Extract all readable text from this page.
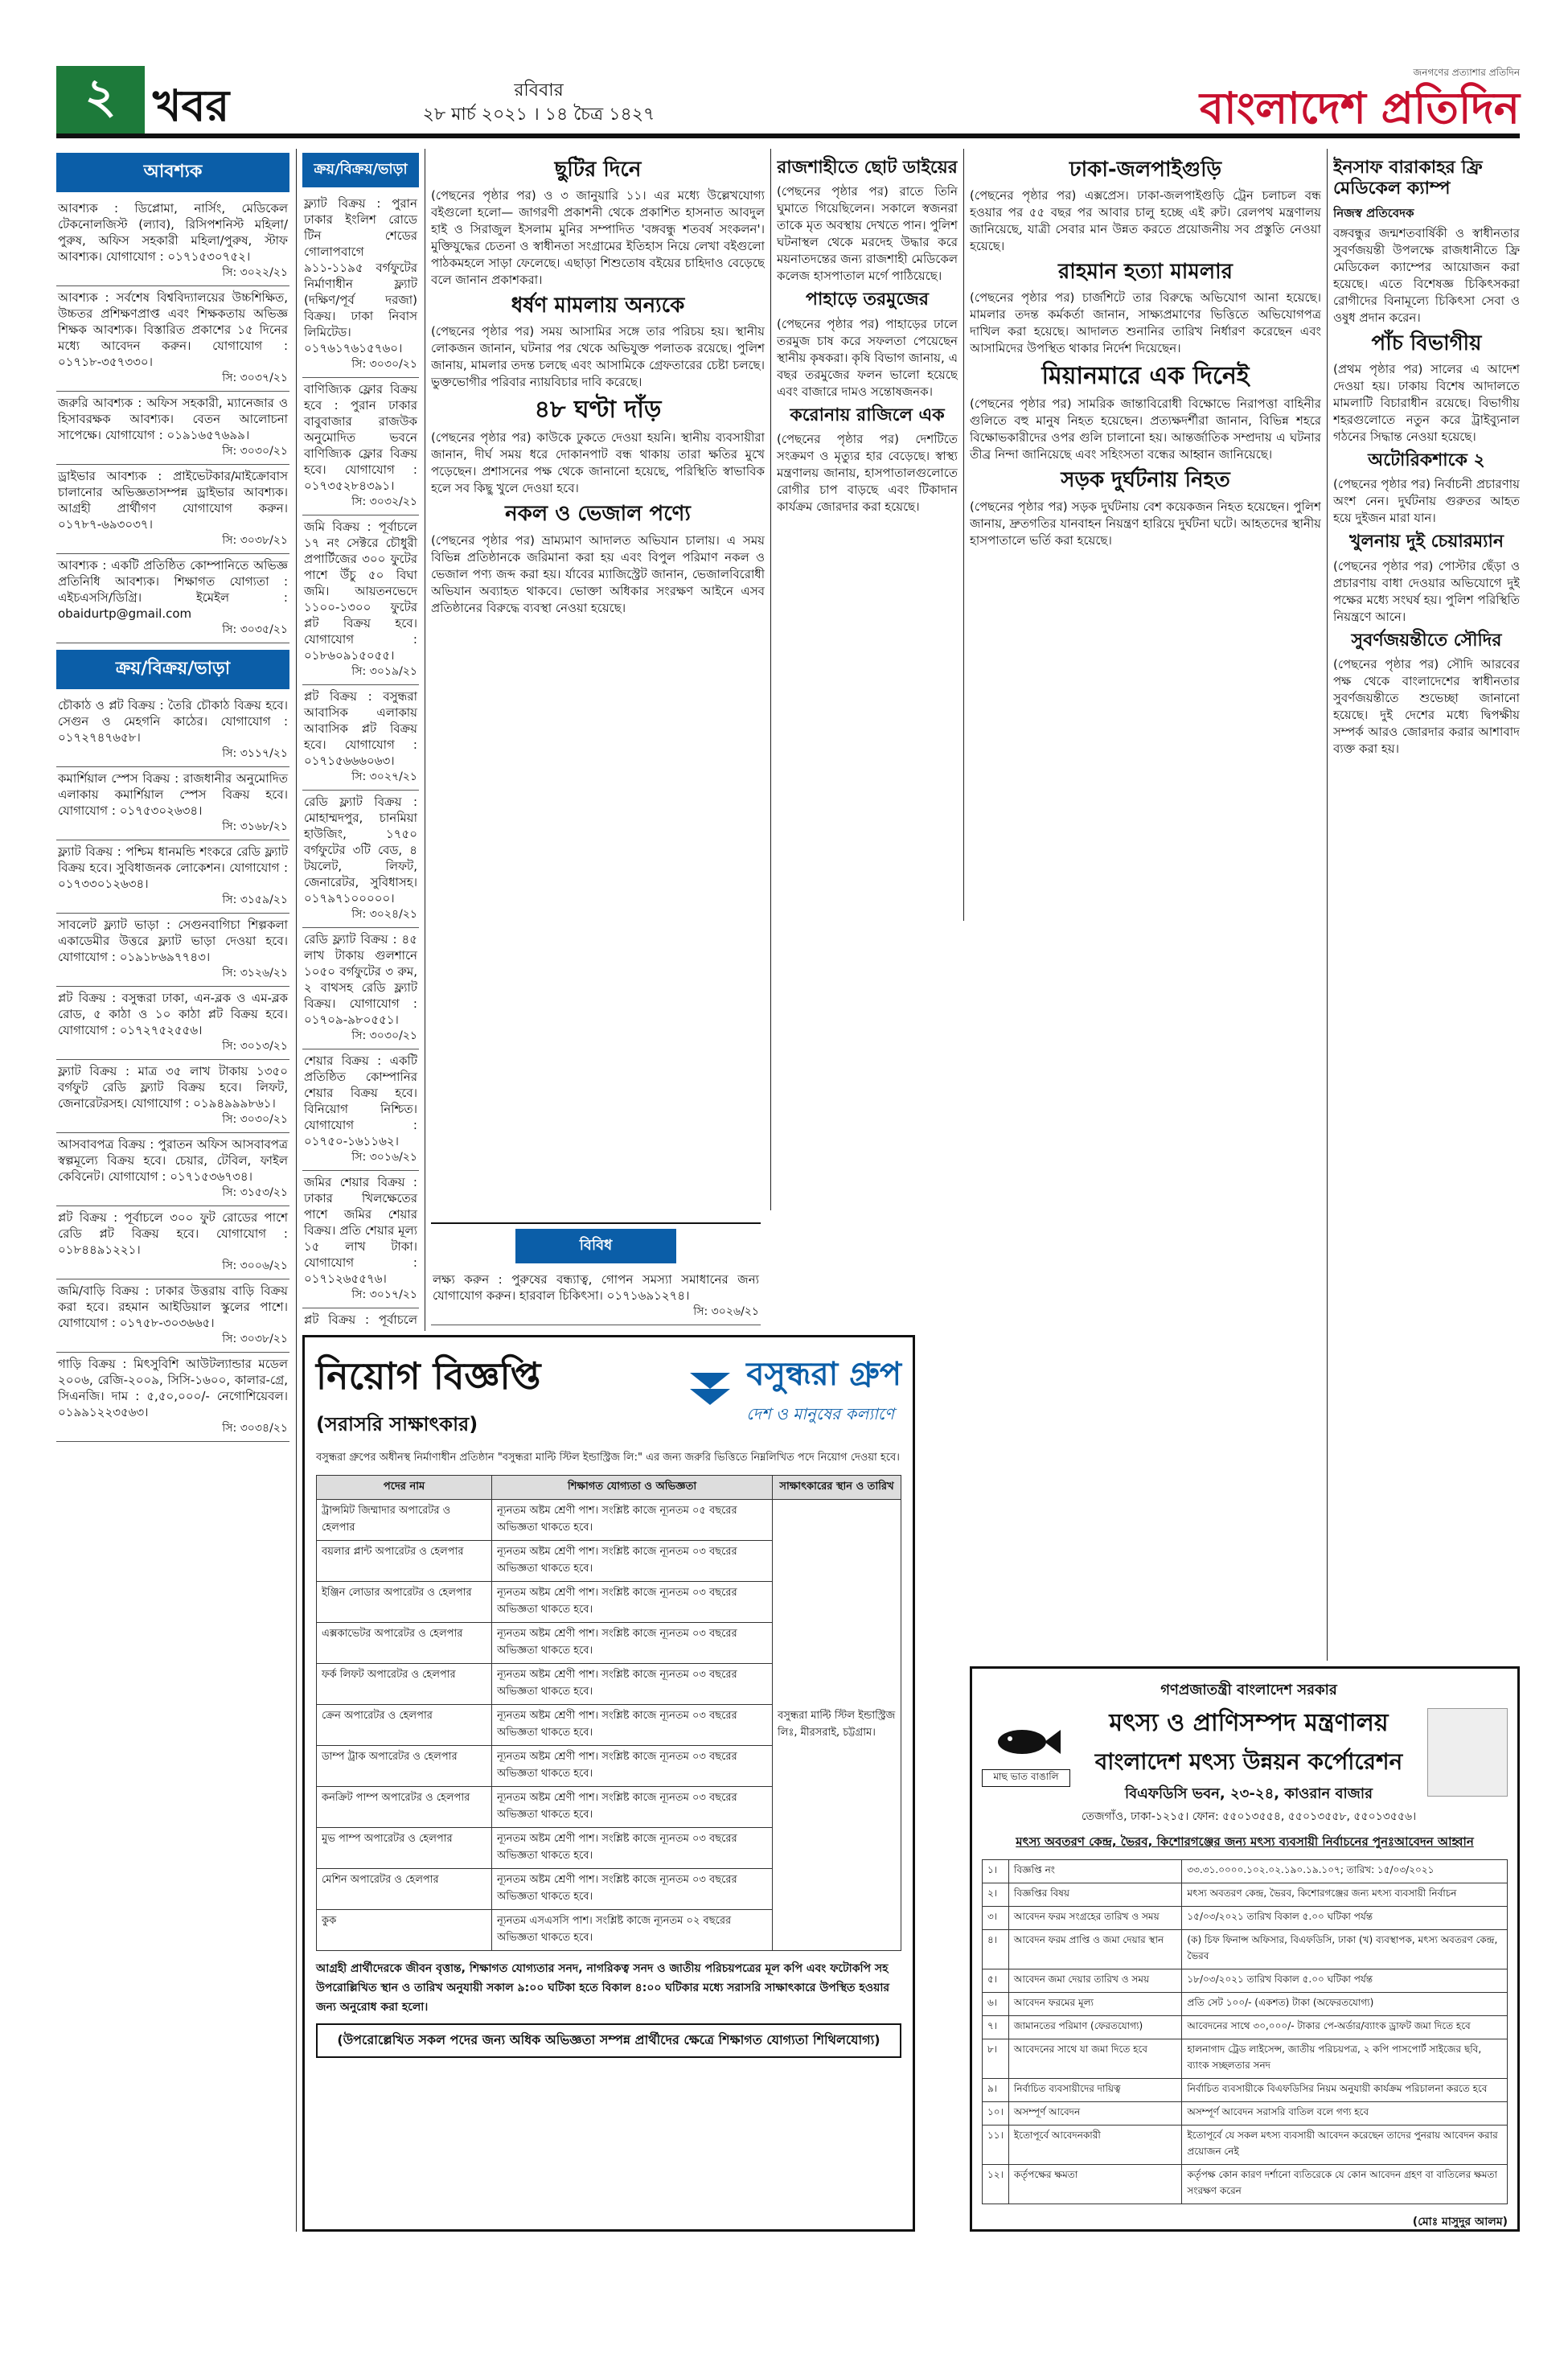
২ খবর	রবিবার
২৮ মার্চ ২০২১ । ১৪ চৈত্র ১৪২৭
জনগণের প্রত্যাশার প্রতিদিন
বাংলাদেশ প্রতিদিন
আবশ্যক
আবশ্যক : ডিপ্লোমা, নার্সিং, মেডিকেল টেকনোলজিস্ট (ল্যাব), রিসিপশনিস্ট মহিলা/পুরুষ, অফিস সহকারী মহিলা/পুরুষ, স্টাফ আবশ্যক। যোগাযোগ : ০১৭১৫৩০৭৫২।
সি: ৩০২২/২১
আবশ্যক : সর্বশেষ বিশ্ববিদ্যালয়ের উচ্চশিক্ষিত, উচ্চতর প্রশিক্ষণপ্রাপ্ত এবং শিক্ষকতায় অভিজ্ঞ শিক্ষক আবশ্যক। বিস্তারিত প্রকাশের ১৫ দিনের মধ্যে আবেদন করুন। যোগাযোগ : ০১৭১৮-৩৫৭৩৩০।
সি: ৩০৩৭/২১
জরুরি আবশ্যক : অফিস সহকারী, ম্যানেজার ও হিসাবরক্ষক আবশ্যক। বেতন আলোচনা সাপেক্ষে। যোগাযোগ : ০১৯১৬৫৭৬৯৯।
সি: ৩০৩০/২১
ড্রাইভার আবশ্যক : প্রাইভেটকার/মাইক্রোবাস চালানোর অভিজ্ঞতাসম্পন্ন ড্রাইভার আবশ্যক। আগ্রহী প্রার্থীগণ যোগাযোগ করুন। ০১৭৮৭-৬৯৩০৩৭।
সি: ৩০৩৮/২১
আবশ্যক : একটি প্রতিষ্ঠিত কোম্পানিতে অভিজ্ঞ প্রতিনিধি আবশ্যক। শিক্ষাগত যোগ্যতা : এইচএসসি/ডিগ্রি। ইমেইল : obaidurtp@gmail.com
সি: ৩০৩৫/২১
ক্রয়/বিক্রয়/ভাড়া
চৌকাঠ ও প্লট বিক্রয় : তৈরি চৌকাঠ বিক্রয় হবে। সেগুন ও মেহগনি কাঠের। যোগাযোগ : ০১৭২৭৪৭৬৫৮।
সি: ৩১১৭/২১
কমার্শিয়াল স্পেস বিক্রয় : রাজধানীর অনুমোদিত এলাকায় কমার্শিয়াল স্পেস বিক্রয় হবে। যোগাযোগ : ০১৭৫৩০২৬৩৪।
সি: ৩১৬৮/২১
ফ্ল্যাট বিক্রয় : পশ্চিম ধানমন্ডি শংকরে রেডি ফ্ল্যাট বিক্রয় হবে। সুবিধাজনক লোকেশন। যোগাযোগ : ০১৭৩৩০১২৬৩৪।
সি: ৩১৫৯/২১
সাবলেট ফ্ল্যাট ভাড়া : সেগুনবাগিচা শিল্পকলা একাডেমীর উত্তরে ফ্ল্যাট ভাড়া দেওয়া হবে। যোগাযোগ : ০১৯১৮৬৯৭৭৪৩।
সি: ৩১২৬/২১
প্লট বিক্রয় : বসুন্ধরা ঢাকা, এন-ব্লক ও এম-ব্লক রোড, ৫ কাঠা ও ১০ কাঠা প্লট বিক্রয় হবে। যোগাযোগ : ০১৭২৭৫২৫৫৬।
সি: ৩০১৩/২১
ফ্ল্যাট বিক্রয় : মাত্র ৩৫ লাখ টাকায় ১৩৫০ বর্গফুট রেডি ফ্ল্যাট বিক্রয় হবে। লিফট, জেনারেটরসহ। যোগাযোগ : ০১৯৪৯৯৯৮৬১।
সি: ৩০৩০/২১
আসবাবপত্র বিক্রয় : পুরাতন অফিস আসবাবপত্র স্বল্পমূল্যে বিক্রয় হবে। চেয়ার, টেবিল, ফাইল কেবিনেট। যোগাযোগ : ০১৭১৫৩৬৭৩৪।
সি: ৩১৫৩/২১
প্লট বিক্রয় : পূর্বাচলে ৩০০ ফুট রোডের পাশে রেডি প্লট বিক্রয় হবে। যোগাযোগ : ০১৮৪৪৯১২২১।
সি: ৩০০৬/২১
জমি/বাড়ি বিক্রয় : ঢাকার উত্তরায় বাড়ি বিক্রয় করা হবে। রহমান আইডিয়াল স্কুলের পাশে। যোগাযোগ : ০১৭৫৮-৩০৩৬৬৫।
সি: ৩০৩৮/২১
গাড়ি বিক্রয় : মিৎসুবিশি আউটল্যান্ডার মডেল ২০০৬, রেজি-২০০৯, সিসি-১৬০০, কালার-গ্রে, সিএনজি। দাম : ৫,৫০,০০০/- নেগোশিয়েবল। ০১৯৯১২২৩৫৬৩।
সি: ৩০৩৪/২১
ক্রয়/বিক্রয়/ভাড়া
ফ্ল্যাট বিক্রয় : পুরান ঢাকার ইংলিশ রোডে টিন শেডের গোলাপবাগে ৯১১-১১৯৫ বর্গফুটের নির্মাণাধীন ফ্ল্যাট (দক্ষিণ/পূর্ব দরজা) বিক্রয়। ঢাকা নিবাস লিমিটেড। ০১৭৬১৭৬১৫৭৬০।
সি: ৩০৩০/২১
বাণিজ্যিক ফ্লোর বিক্রয় হবে : পুরান ঢাকার বাবুবাজার রাজউক অনুমোদিত ভবনে বাণিজ্যিক ফ্লোর বিক্রয় হবে। যোগাযোগ : ০১৭৩৫২৮৪৩৯১।
সি: ৩০৩২/২১
জমি বিক্রয় : পূর্বাচলে ১৭ নং সেক্টরে চৌধুরী প্রপার্টিজের ৩০০ ফুটের পাশে উঁচু ৫০ বিঘা জমি। আয়তনভেদে ১১০০-১৩০০ ফুটের প্লট বিক্রয় হবে। যোগাযোগ : ০১৮৬০৯১৫০৫৫।
সি: ৩০১৯/২১
প্লট বিক্রয় : বসুন্ধরা আবাসিক এলাকায় আবাসিক প্লট বিক্রয় হবে। যোগাযোগ : ০১৭১৫৬৬৬০৬৩।
সি: ৩০২৭/২১
রেডি ফ্ল্যাট বিক্রয় : মোহাম্মদপুর, চানমিয়া হাউজিং, ১৭৫০ বর্গফুটের ৩টি বেড, ৪ টয়লেট, লিফট, জেনারেটর, সুবিধাসহ। ০১৭৯৭১০০০০০।
সি: ৩০২৪/২১
রেডি ফ্ল্যাট বিক্রয় : ৪৫ লাখ টাকায় গুলশানে ১০৫০ বর্গফুটের ৩ রুম, ২ বাথসহ রেডি ফ্ল্যাট বিক্রয়। যোগাযোগ : ০১৭০৯-৯৮০৫৫১।
সি: ৩০৩০/২১
শেয়ার বিক্রয় : একটি প্রতিষ্ঠিত কোম্পানির শেয়ার বিক্রয় হবে। বিনিয়োগ নিশ্চিত। যোগাযোগ : ০১৭৫০-১৬১১৬২।
সি: ৩০১৬/২১
জমির শেয়ার বিক্রয় : ঢাকার খিলক্ষেতের পাশে জমির শেয়ার বিক্রয়। প্রতি শেয়ার মূল্য ১৫ লাখ টাকা। যোগাযোগ : ০১৭১২৬৫৫৭৬।
সি: ৩০১৭/২১
প্লট বিক্রয় : পূর্বাচলে
ছুটির দিনে

(পেছনের পৃষ্ঠার পর) ও ৩ জানুয়ারি ১১। এর মধ্যে উল্লেখযোগ্য বইগুলো হলো— জাগরণী প্রকাশনী থেকে প্রকাশিত হাসনাত আবদুল হাই ও সিরাজুল ইসলাম মুনির সম্পাদিত 'বঙ্গবন্ধু শতবর্ষ সংকলন'। মুক্তিযুদ্ধের চেতনা ও স্বাধীনতা সংগ্রামের ইতিহাস নিয়ে লেখা বইগুলো পাঠকমহলে সাড়া ফেলেছে। এছাড়া শিশুতোষ বইয়ের চাহিদাও বেড়েছে বলে জানান প্রকাশকরা।

ধর্ষণ মামলায় অন্যকে

(পেছনের পৃষ্ঠার পর) সময় আসামির সঙ্গে তার পরিচয় হয়। স্থানীয় লোকজন জানান, ঘটনার পর থেকে অভিযুক্ত পলাতক রয়েছে। পুলিশ জানায়, মামলার তদন্ত চলছে এবং আসামিকে গ্রেফতারের চেষ্টা চলছে। ভুক্তভোগীর পরিবার ন্যায়বিচার দাবি করেছে।

৪৮ ঘণ্টা দাঁড়

(পেছনের পৃষ্ঠার পর) কাউকে ঢুকতে দেওয়া হয়নি। স্থানীয় ব্যবসায়ীরা জানান, দীর্ঘ সময় ধরে দোকানপাট বন্ধ থাকায় তারা ক্ষতির মুখে পড়েছেন। প্রশাসনের পক্ষ থেকে জানানো হয়েছে, পরিস্থিতি স্বাভাবিক হলে সব কিছু খুলে দেওয়া হবে।

নকল ও ভেজাল পণ্যে

(পেছনের পৃষ্ঠার পর) ভ্রাম্যমাণ আদালত অভিযান চালায়। এ সময় বিভিন্ন প্রতিষ্ঠানকে জরিমানা করা হয় এবং বিপুল পরিমাণ নকল ও ভেজাল পণ্য জব্দ করা হয়। র্যাবের ম্যাজিস্ট্রেট জানান, ভেজালবিরোধী অভিযান অব্যাহত থাকবে। ভোক্তা অধিকার সংরক্ষণ আইনে এসব প্রতিষ্ঠানের বিরুদ্ধে ব্যবস্থা নেওয়া হয়েছে।

রাজশাহীতে ছোট ডাইয়ের

(পেছনের পৃষ্ঠার পর) রাতে তিনি ঘুমাতে গিয়েছিলেন। সকালে স্বজনরা তাকে মৃত অবস্থায় দেখতে পান। পুলিশ ঘটনাস্থল থেকে মরদেহ উদ্ধার করে ময়নাতদন্তের জন্য রাজশাহী মেডিকেল কলেজ হাসপাতাল মর্গে পাঠিয়েছে।

পাহাড়ে তরমুজের

(পেছনের পৃষ্ঠার পর) পাহাড়ের ঢালে তরমুজ চাষ করে সফলতা পেয়েছেন স্থানীয় কৃষকরা। কৃষি বিভাগ জানায়, এ বছর তরমুজের ফলন ভালো হয়েছে এবং বাজারে দামও সন্তোষজনক।

করোনায় রাজিলে এক

(পেছনের পৃষ্ঠার পর) দেশটিতে সংক্রমণ ও মৃত্যুর হার বেড়েছে। স্বাস্থ্য মন্ত্রণালয় জানায়, হাসপাতালগুলোতে রোগীর চাপ বাড়ছে এবং টিকাদান কার্যক্রম জোরদার করা হয়েছে।

ঢাকা-জলপাইগুড়ি

(পেছনের পৃষ্ঠার পর) এক্সপ্রেস। ঢাকা-জলপাইগুড়ি ট্রেন চলাচল বন্ধ হওয়ার পর ৫৫ বছর পর আবার চালু হচ্ছে এই রুট। রেলপথ মন্ত্রণালয় জানিয়েছে, যাত্রী সেবার মান উন্নত করতে প্রয়োজনীয় সব প্রস্তুতি নেওয়া হয়েছে।

রাহমান হত্যা মামলার

(পেছনের পৃষ্ঠার পর) চার্জশিটে তার বিরুদ্ধে অভিযোগ আনা হয়েছে। মামলার তদন্ত কর্মকর্তা জানান, সাক্ষ্যপ্রমাণের ভিত্তিতে অভিযোগপত্র দাখিল করা হয়েছে। আদালত শুনানির তারিখ নির্ধারণ করেছেন এবং আসামিদের উপস্থিত থাকার নির্দেশ দিয়েছেন।

মিয়ানমারে এক দিনেই

(পেছনের পৃষ্ঠার পর) সামরিক জান্তাবিরোধী বিক্ষোভে নিরাপত্তা বাহিনীর গুলিতে বহু মানুষ নিহত হয়েছেন। প্রত্যক্ষদর্শীরা জানান, বিভিন্ন শহরে বিক্ষোভকারীদের ওপর গুলি চালানো হয়। আন্তর্জাতিক সম্প্রদায় এ ঘটনার তীব্র নিন্দা জানিয়েছে এবং সহিংসতা বন্ধের আহ্বান জানিয়েছে।

সড়ক দুর্ঘটনায় নিহত

(পেছনের পৃষ্ঠার পর) সড়ক দুর্ঘটনায় বেশ কয়েকজন নিহত হয়েছেন। পুলিশ জানায়, দ্রুতগতির যানবাহন নিয়ন্ত্রণ হারিয়ে দুর্ঘটনা ঘটে। আহতদের স্থানীয় হাসপাতালে ভর্তি করা হয়েছে।

ইনসাফ বারাকাহর ফ্রি মেডিকেল ক্যাম্প

নিজস্ব প্রতিবেদক

বঙ্গবন্ধুর জন্মশতবার্ষিকী ও স্বাধীনতার সুবর্ণজয়ন্তী উপলক্ষে রাজধানীতে ফ্রি মেডিকেল ক্যাম্পের আয়োজন করা হয়েছে। এতে বিশেষজ্ঞ চিকিৎসকরা রোগীদের বিনামূল্যে চিকিৎসা সেবা ও ওষুধ প্রদান করেন।

পাঁচ বিভাগীয়

(প্রথম পৃষ্ঠার পর) সালের এ আদেশ দেওয়া হয়। ঢাকায় বিশেষ আদালতে মামলাটি বিচারাধীন রয়েছে। বিভাগীয় শহরগুলোতে নতুন করে ট্রাইব্যুনাল গঠনের সিদ্ধান্ত নেওয়া হয়েছে।

অটোরিকশাকে ২

(পেছনের পৃষ্ঠার পর) নির্বাচনী প্রচারণায় অংশ নেন। দুর্ঘটনায় গুরুতর আহত হয়ে দুইজন মারা যান।

খুলনায় দুই চেয়ারম্যান

(পেছনের পৃষ্ঠার পর) পোস্টার ছেঁড়া ও প্রচারণায় বাধা দেওয়ার অভিযোগে দুই পক্ষের মধ্যে সংঘর্ষ হয়। পুলিশ পরিস্থিতি নিয়ন্ত্রণে আনে।

সুবর্ণজয়ন্তীতে সৌদির

(পেছনের পৃষ্ঠার পর) সৌদি আরবের পক্ষ থেকে বাংলাদেশের স্বাধীনতার সুবর্ণজয়ন্তীতে শুভেচ্ছা জানানো হয়েছে। দুই দেশের মধ্যে দ্বিপক্ষীয় সম্পর্ক আরও জোরদার করার আশাবাদ ব্যক্ত করা হয়।

বিবিধ
লক্ষ্য করুন : পুরুষের বন্ধ্যাত্ব, গোপন সমস্যা সমাধানের জন্য যোগাযোগ করুন। হারবাল চিকিৎসা। ০১৭১৬৯১২৭৪।
সি: ৩০২৬/২১
নিয়োগ বিজ্ঞপ্তি
(সরাসরি সাক্ষাৎকার)
বসুন্ধরা গ্রুপ
দেশ ও মানুষের কল্যাণে

বসুন্ধরা গ্রুপের অধীনস্থ নির্মাণাধীন প্রতিষ্ঠান "বসুন্ধরা মাল্টি স্টিল ইন্ডাস্ট্রিজ লি:" এর জন্য জরুরি ভিত্তিতে নিম্নলিখিত পদে নিয়োগ দেওয়া হবে।

পদের নাম	শিক্ষাগত যোগ্যতা ও অভিজ্ঞতা	সাক্ষাৎকারের স্থান ও তারিখ
ট্রান্সমিট জিম্মাদার অপারেটর ও হেলপার	ন্যূনতম অষ্টম শ্রেণী পাশ। সংশ্লিষ্ট কাজে ন্যূনতম ০৫ বছরের অভিজ্ঞতা থাকতে হবে।	বসুন্ধরা মাল্টি স্টিল ইন্ডাস্ট্রিজ লিঃ, মীরসরাই, চট্টগ্রাম।
বয়লার প্লান্ট অপারেটর ও হেলপার	ন্যূনতম অষ্টম শ্রেণী পাশ। সংশ্লিষ্ট কাজে ন্যূনতম ০৩ বছরের অভিজ্ঞতা থাকতে হবে।	
ইঞ্জিন লোডার অপারেটর ও হেলপার	ন্যূনতম অষ্টম শ্রেণী পাশ। সংশ্লিষ্ট কাজে ন্যূনতম ০৩ বছরের অভিজ্ঞতা থাকতে হবে।	
এক্সকাভেটর অপারেটর ও হেলপার	ন্যূনতম অষ্টম শ্রেণী পাশ। সংশ্লিষ্ট কাজে ন্যূনতম ০৩ বছরের অভিজ্ঞতা থাকতে হবে।	
ফর্ক লিফট অপারেটর ও হেলপার	ন্যূনতম অষ্টম শ্রেণী পাশ। সংশ্লিষ্ট কাজে ন্যূনতম ০৩ বছরের অভিজ্ঞতা থাকতে হবে।	
ক্রেন অপারেটর ও হেলপার	ন্যূনতম অষ্টম শ্রেণী পাশ। সংশ্লিষ্ট কাজে ন্যূনতম ০৩ বছরের অভিজ্ঞতা থাকতে হবে।	
ডাম্প ট্রাক অপারেটর ও হেলপার	ন্যূনতম অষ্টম শ্রেণী পাশ। সংশ্লিষ্ট কাজে ন্যূনতম ০৩ বছরের অভিজ্ঞতা থাকতে হবে।	
কনক্রিট পাম্প অপারেটর ও হেলপার	ন্যূনতম অষ্টম শ্রেণী পাশ। সংশ্লিষ্ট কাজে ন্যূনতম ০৩ বছরের অভিজ্ঞতা থাকতে হবে।	
মুভ পাম্প অপারেটর ও হেলপার	ন্যূনতম অষ্টম শ্রেণী পাশ। সংশ্লিষ্ট কাজে ন্যূনতম ০৩ বছরের অভিজ্ঞতা থাকতে হবে।	
মেশিন অপারেটর ও হেলপার	ন্যূনতম অষ্টম শ্রেণী পাশ। সংশ্লিষ্ট কাজে ন্যূনতম ০৩ বছরের অভিজ্ঞতা থাকতে হবে।	
কুক	ন্যূনতম এসএসসি পাশ। সংশ্লিষ্ট কাজে ন্যূনতম ০২ বছরের অভিজ্ঞতা থাকতে হবে।	

আগ্রহী প্রার্থীদেরকে জীবন বৃত্তান্ত, শিক্ষাগত যোগ্যতার সনদ, নাগরিকত্ব সনদ ও জাতীয় পরিচয়পত্রের মূল কপি এবং ফটোকপি সহ উপরোল্লিখিত স্থান ও তারিখ অনুযায়ী সকাল ৯:০০ ঘটিকা হতে বিকাল ৪:০০ ঘটিকার মধ্যে সরাসরি সাক্ষাৎকারে উপস্থিত হওয়ার জন্য অনুরোধ করা হলো।

(উপরোল্লেখিত সকল পদের জন্য অধিক অভিজ্ঞতা সম্পন্ন প্রার্থীদের ক্ষেত্রে শিক্ষাগত যোগ্যতা শিথিলযোগ্য)
মাছ ভাত বাঙালি
গণপ্রজাতন্ত্রী বাংলাদেশ সরকার
মৎস্য ও প্রাণিসম্পদ মন্ত্রণালয়
বাংলাদেশ মৎস্য উন্নয়ন কর্পোরেশন
বিএফডিসি ভবন, ২৩-২৪, কাওরান বাজার
তেজগাঁও, ঢাকা-১২১৫। ফোন: ৫৫০১৩৫৫৪, ৫৫০১৩৫৫৮, ৫৫০১৩৫৫৬।
মৎস্য অবতরণ কেন্দ্র, ভৈরব, কিশোরগঞ্জের জন্য মৎস্য ব্যবসায়ী নির্বাচনের পুনঃআবেদন আহ্বান
১।	বিজ্ঞপ্তি নং	৩৩.৩১.০০০০.১০২.০২.১৯০.১৯.১০৭; তারিখ: ১৫/০৩/২০২১
২।	বিজ্ঞপ্তির বিষয়	মৎস্য অবতরণ কেন্দ্র, ভৈরব, কিশোরগঞ্জের জন্য মৎস্য ব্যবসায়ী নির্বাচন
৩।	আবেদন ফরম সংগ্রহের তারিখ ও সময়	১৫/০৩/২০২১ তারিখ বিকাল ৫.০০ ঘটিকা পর্যন্ত
৪।	আবেদন ফরম প্রাপ্তি ও জমা দেয়ার স্থান	(ক) চিফ ফিনান্স অফিসার, বিএফডিসি, ঢাকা (খ) ব্যবস্থাপক, মৎস্য অবতরণ কেন্দ্র, ভৈরব
৫।	আবেদন জমা দেয়ার তারিখ ও সময়	১৮/০৩/২০২১ তারিখ বিকাল ৫.০০ ঘটিকা পর্যন্ত
৬।	আবেদন ফরমের মূল্য	প্রতি সেট ১০০/- (একশত) টাকা (অফেরতযোগ্য)
৭।	জামানতের পরিমাণ (ফেরতযোগ্য)	আবেদনের সাথে ৩০,০০০/- টাকার পে-অর্ডার/ব্যাংক ড্রাফট জমা দিতে হবে
৮।	আবেদনের সাথে যা জমা দিতে হবে	হালনাগাদ ট্রেড লাইসেন্স, জাতীয় পরিচয়পত্র, ২ কপি পাসপোর্ট সাইজের ছবি, ব্যাংক সচ্ছলতার সনদ
৯।	নির্বাচিত ব্যবসায়ীদের দায়িত্ব	নির্বাচিত ব্যবসায়ীকে বিএফডিসির নিয়ম অনুযায়ী কার্যক্রম পরিচালনা করতে হবে
১০।	অসম্পূর্ণ আবেদন	অসম্পূর্ণ আবেদন সরাসরি বাতিল বলে গণ্য হবে
১১।	ইতোপূর্বে আবেদনকারী	ইতোপূর্বে যে সকল মৎস্য ব্যবসায়ী আবেদন করেছেন তাদের পুনরায় আবেদন করার প্রয়োজন নেই
১২।	কর্তৃপক্ষের ক্ষমতা	কর্তৃপক্ষ কোন কারণ দর্শানো ব্যতিরেকে যে কোন আবেদন গ্রহণ বা বাতিলের ক্ষমতা সংরক্ষণ করেন
(মোঃ মাসুদুর আলম)
